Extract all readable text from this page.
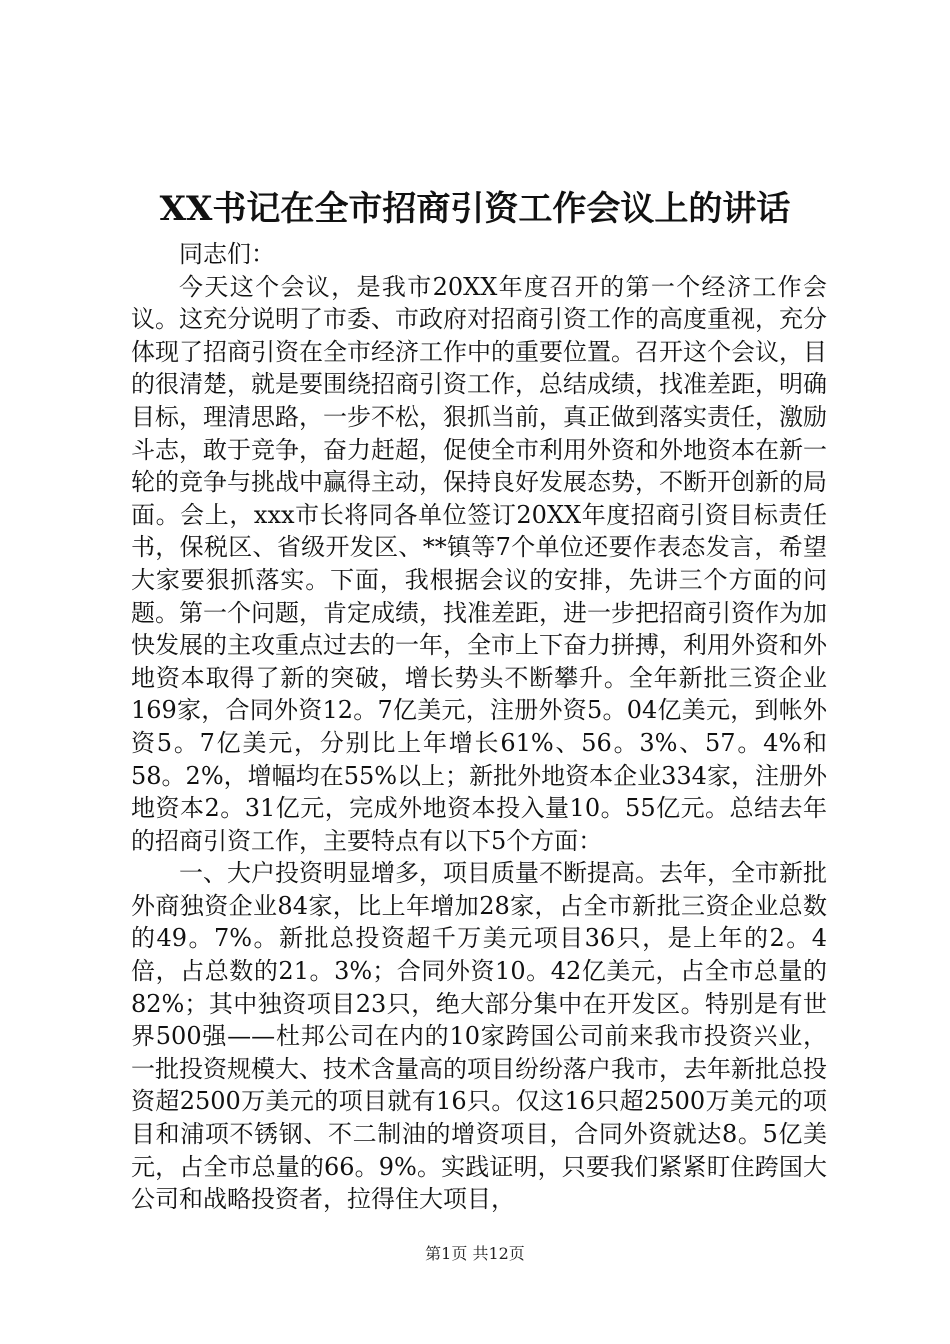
XX书记在全市招商引资工作会议上的讲话

同志们：

今天这个会议，是我市20XX年度召开的第一个经济工作会议。这充分说明了市委、市政府对招商引资工作的高度重视，充分体现了招商引资在全市经济工作中的重要位置。召开这个会议，目的很清楚，就是要围绕招商引资工作，总结成绩，找准差距，明确目标，理清思路，一步不松，狠抓当前，真正做到落实责任，激励斗志，敢于竞争，奋力赶超，促使全市利用外资和外地资本在新一轮的竞争与挑战中赢得主动，保持良好发展态势，不断开创新的局面。会上，xxx市长将同各单位签订20XX年度招商引资目标责任书，保税区、省级开发区、**镇等7个单位还要作表态发言，希望大家要狠抓落实。下面，我根据会议的安排，先讲三个方面的问题。第一个问题，肯定成绩，找准差距，进一步把招商引资作为加快发展的主攻重点过去的一年，全市上下奋力拼搏，利用外资和外地资本取得了新的突破，增长势头不断攀升。全年新批三资企业169家，合同外资12。7亿美元，注册外资5。04亿美元，到帐外资5。7亿美元，分别比上年增长61%、56。3%、57。4%和58。2%，增幅均在55%以上；新批外地资本企业334家，注册外地资本2。31亿元，完成外地资本投入量10。55亿元。总结去年的招商引资工作，主要特点有以下5个方面：

一、大户投资明显增多，项目质量不断提高。去年，全市新批外商独资企业84家，比上年增加28家，占全市新批三资企业总数的49。7%。新批总投资超千万美元项目36只，是上年的2。4倍，占总数的21。3%；合同外资10。42亿美元，占全市总量的82%；其中独资项目23只，绝大部分集中在开发区。特别是有世界500强——杜邦公司在内的10家跨国公司前来我市投资兴业，一批投资规模大、技术含量高的项目纷纷落户我市，去年新批总投资超2500万美元的项目就有16只。仅这16只超2500万美元的项目和浦项不锈钢、不二制油的增资项目，合同外资就达8。5亿美元，占全市总量的66。9%。实践证明，只要我们紧紧盯住跨国大公司和战略投资者，拉得住大项目，

第1页 共12页
